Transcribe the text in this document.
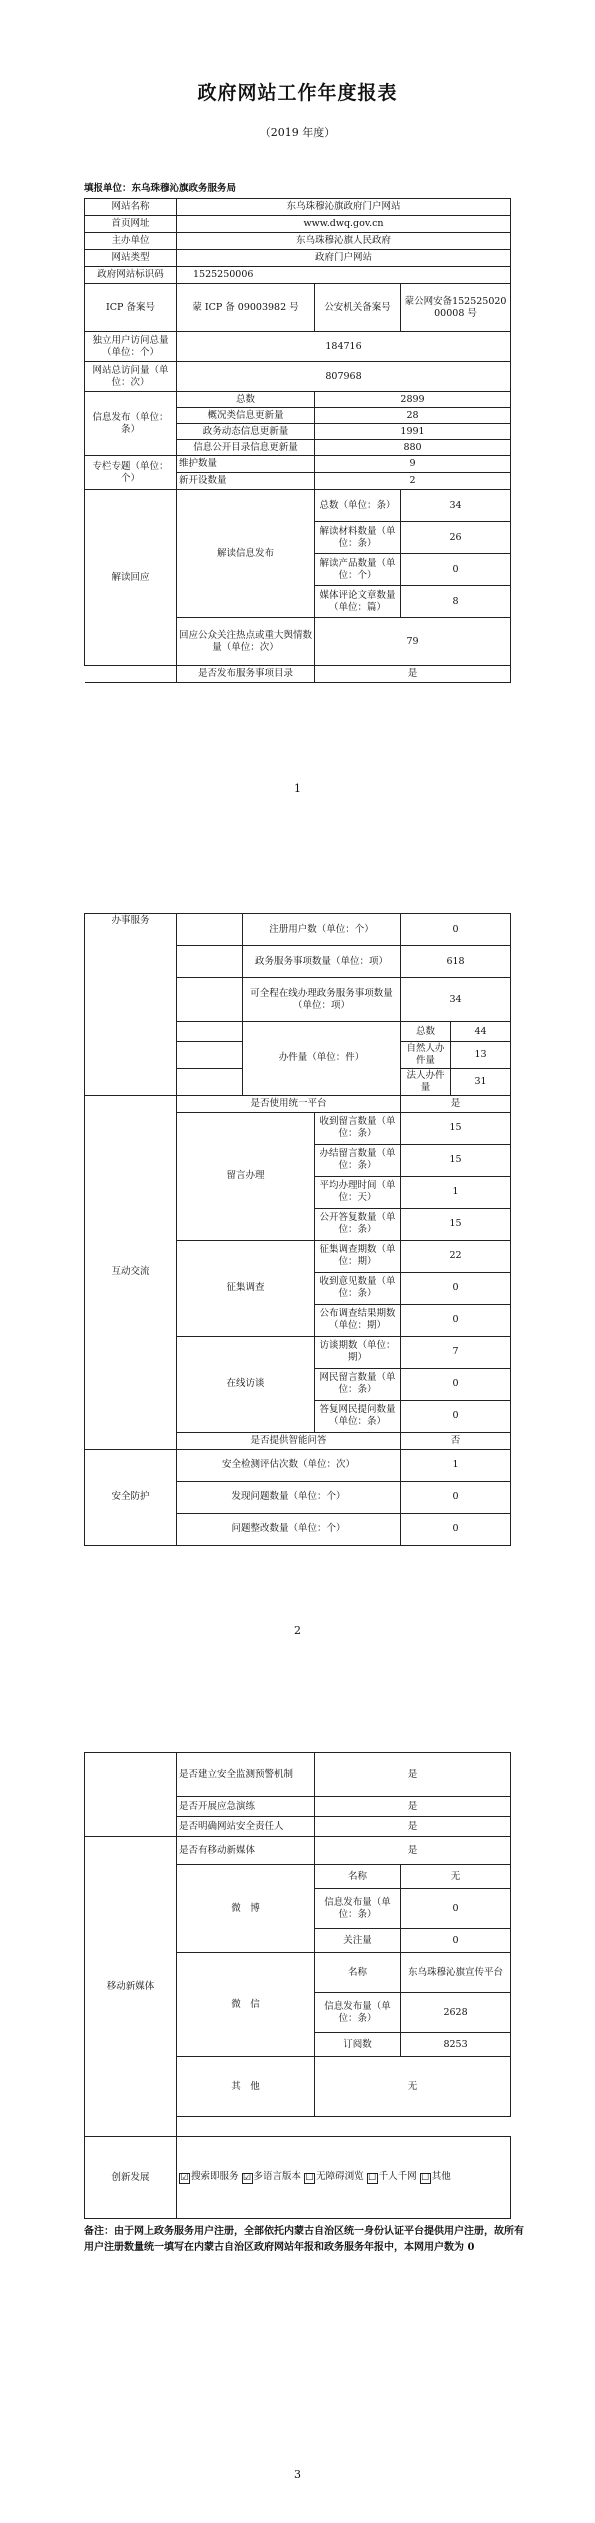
政府网站工作年度报表
（2019 年度）
填报单位：东乌珠穆沁旗政务服务局
网站名称	东乌珠穆沁旗政府门户网站		
首页网址	www.dwq.gov.cn		
主办单位	东乌珠穆沁旗人民政府		
网站类型	政府门户网站		
政府网站标识码	1525250006		
ICP 备案号	蒙 ICP 备 09003982 号	公安机关备案号	蒙公网安备15252502000008 号
独立用户访问总量（单位：个）	184716		
网站总访问量（单位：次）	807968		
信息发布（单位：条）	总数	2899	
	概况类信息更新量	28	
	政务动态信息更新量	1991	
	信息公开目录信息更新量	880	
专栏专题（单位：个）	维护数量	9	
	新开设数量	2	
解读回应	解读信息发布	总数（单位：条）	34
		解读材料数量（单位：条）	26
		解读产品数量（单位：个）	0
		媒体评论文章数量（单位：篇）	8
	回应公众关注热点或重大舆情数量（单位：次）	79	
	是否发布服务事项目录	是	
1
办事服务		注册用户数（单位：个）		0	
		政务服务事项数量（单位：项）		618	
		可全程在线办理政务服务事项数量（单位：项）		34	
		办件量（单位：件）		总数	44
				自然人办件量	13
				法人办件量	31
互动交流	是否使用统一平台			是	
	留言办理		收到留言数量（单位：条）	15	
			办结留言数量（单位：条）	15	
			平均办理时间（单位：天）	1	
			公开答复数量（单位：条）	15	
	征集调查		征集调查期数（单位：期）	22	
			收到意见数量（单位：条）	0	
			公布调查结果期数（单位：期）	0	
	在线访谈		访谈期数（单位：期）	7	
			网民留言数量（单位：条）	0	
			答复网民提问数量（单位：条）	0	
	是否提供智能问答			否	
安全防护	安全检测评估次数（单位：次）			1	
	发现问题数量（单位：个）			0	
	问题整改数量（单位：个）			0	
2
	是否建立安全监测预警机制	是	
	是否开展应急演练	是	
	是否明确网站安全责任人	是	
移动新媒体	是否有移动新媒体	是	
	微　博	名称	无
		信息发布量（单位：条）	0
		关注量	0
	微　信	名称	东乌珠穆沁旗宣传平台
		信息发布量（单位：条）	2628
		订阅数	8253
	其　他	无	

创新发展	☑ 搜索即服务 ☑ 多语言版本 ☐ 无障碍浏览 ☐ 千人千网 ☐ 其他		
备注：由于网上政务服务用户注册，全部依托内蒙古自治区统一身份认证平台提供用户注册，故所有用户注册数量统一填写在内蒙古自治区政府网站年报和政务服务年报中，本网用户数为 0
3
